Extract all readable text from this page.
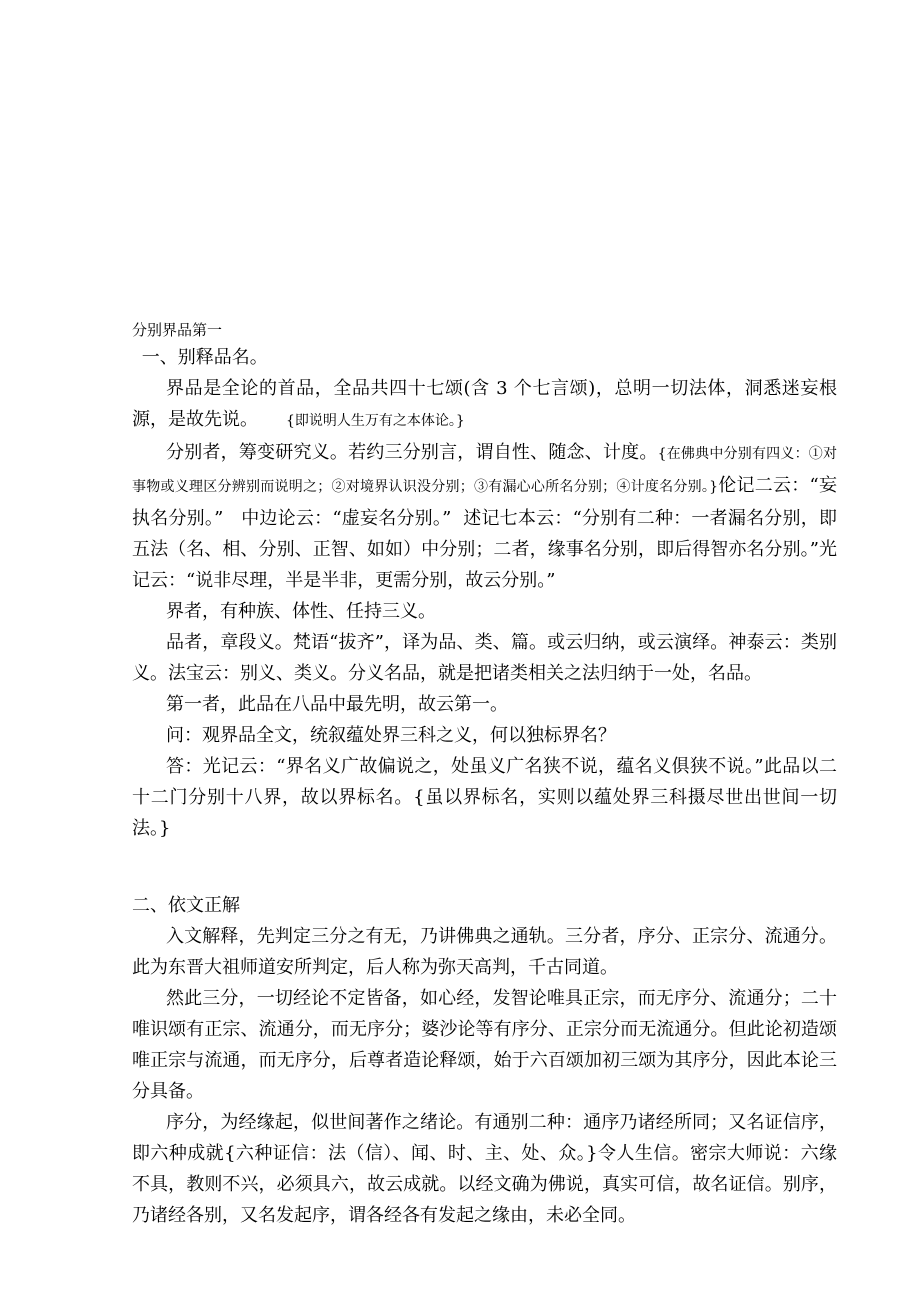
分别界品第一

一、别释品名。

界品是全论的首品，全品共四十七颂(含 3 个七言颂)，总明一切法体，洞悉迷妄根源，是故先说。 {即说明人生万有之本体论。}

分别者，筹变研究义。若约三分别言，谓自性、随念、计度。{在佛典中分别有四义：①对事物或义理区分辨别而说明之；②对境界认识没分别；③有漏心心所名分别；④计度名分别。}伦记二云：“妄执名分别。”   中边论云：“虚妄名分别。”  述记七本云：“分别有二种：一者漏名分别，即五法（名、相、分别、正智、如如）中分别；二者，缘事名分别，即后得智亦名分别。”光记云：“说非尽理，半是半非，更需分别，故云分别。”

界者，有种族、体性、任持三义。

品者，章段义。梵语“拔齐”，译为品、类、篇。或云归纳，或云演绎。神泰云：类别义。法宝云：别义、类义。分义名品，就是把诸类相关之法归纳于一处，名品。

第一者，此品在八品中最先明，故云第一。

问：观界品全文，统叙蕴处界三科之义，何以独标界名？

答：光记云：“界名义广故偏说之，处虽义广名狭不说，蕴名义俱狭不说。”此品以二十二门分别十八界，故以界标名。{虽以界标名，实则以蕴处界三科摄尽世出世间一切法。}

二、依文正解

入文解释，先判定三分之有无，乃讲佛典之通轨。三分者，序分、正宗分、流通分。此为东晋大祖师道安所判定，后人称为弥天高判，千古同道。

然此三分，一切经论不定皆备，如心经，发智论唯具正宗，而无序分、流通分；二十唯识颂有正宗、流通分，而无序分；婆沙论等有序分、正宗分而无流通分。但此论初造颂唯正宗与流通，而无序分，后尊者造论释颂，始于六百颂加初三颂为其序分，因此本论三分具备。

序分，为经缘起，似世间著作之绪论。有通别二种：通序乃诸经所同；又名证信序，即六种成就{六种证信：法（信）、闻、时、主、处、众。}令人生信。密宗大师说：六缘不具，教则不兴，必须具六，故云成就。以经文确为佛说，真实可信，故名证信。别序，乃诸经各别，又名发起序，谓各经各有发起之缘由，未必全同。
